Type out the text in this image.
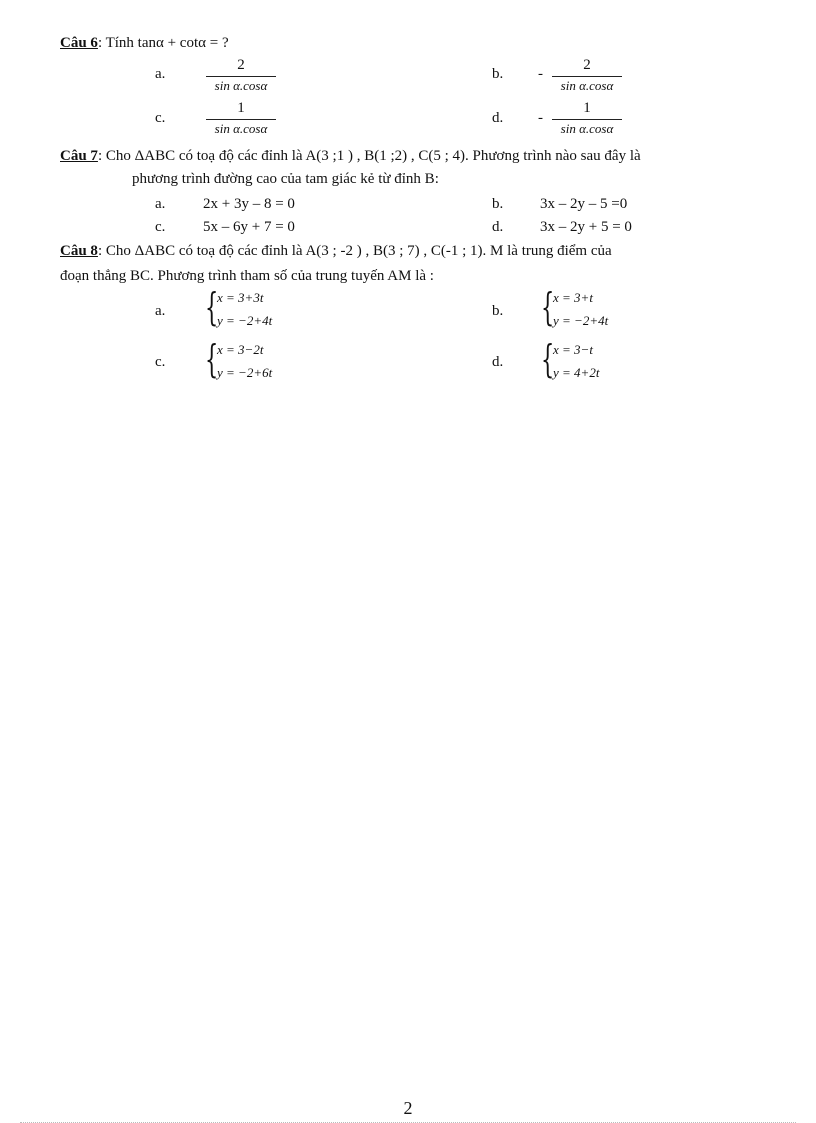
Câu 6: Tính tanα + cotα = ?
a.
2
sin α.cosα
b. -
2
sin α.cosα
c.
1
sin α.cosα
d. -
1
sin α.cosα
Câu 7: Cho ΔABC có toạ độ các đỉnh là A(3 ;1 ) , B(1 ;2) , C(5 ; 4). Phương trình nào sau đây là
phương trình đường cao của tam giác kẻ từ đỉnh B:
a.	2x + 3y – 8 = 0	b. 3x – 2y – 5 =0
c.	5x – 6y + 7 = 0	d. 3x – 2y + 5 = 0
Câu 8: Cho ΔABC có toạ độ các đỉnh là A(3 ; -2 ) , B(3 ; 7) , C(-1 ; 1). M là trung điểm của
đoạn thẳng BC. Phương trình tham số của trung tuyến AM là :
a. {
x = 3+3t
y = −2+4t
b. {
x = 3+t
y = −2+4t
c. {
x = 3−2t
y = −2+6t
d. {
x = 3−t
y = 4+2t
2
